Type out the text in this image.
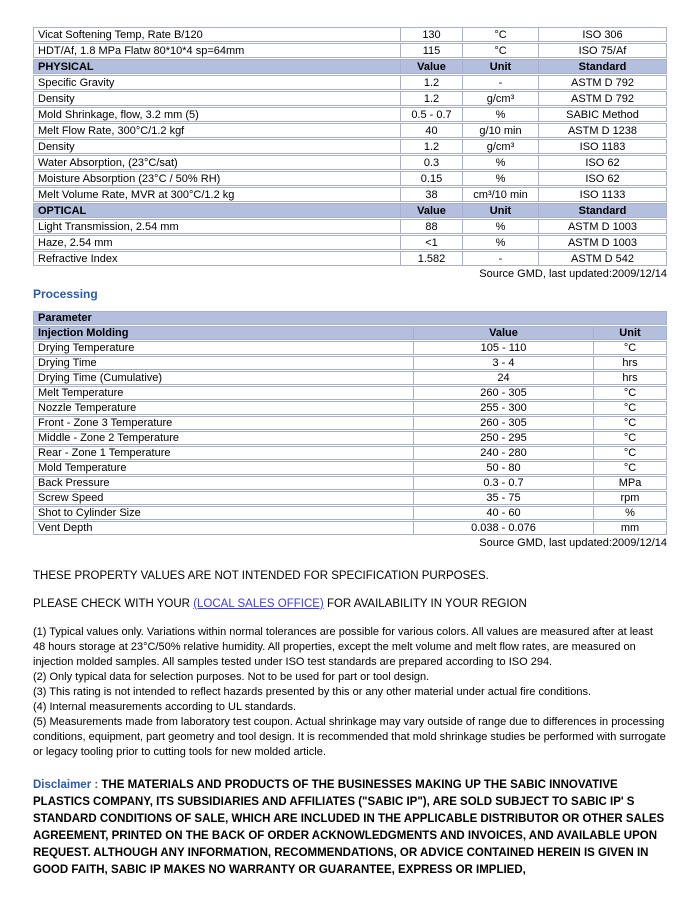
Vicat Softening Temp, Rate B/120	130	°C	ISO 306
HDT/Af, 1.8 MPa Flatw 80*10*4 sp=64mm	115	°C	ISO 75/Af
PHYSICAL	Value	Unit	Standard
Specific Gravity	1.2	-	ASTM D 792
Density	1.2	g/cm³	ASTM D 792
Mold Shrinkage, flow, 3.2 mm (5)	0.5 - 0.7	%	SABIC Method
Melt Flow Rate, 300°C/1.2 kgf	40	g/10 min	ASTM D 1238
Density	1.2	g/cm³	ISO 1183
Water Absorption, (23°C/sat)	0.3	%	ISO 62
Moisture Absorption (23°C / 50% RH)	0.15	%	ISO 62
Melt Volume Rate, MVR at 300°C/1.2 kg	38	cm³/10 min	ISO 1133
OPTICAL	Value	Unit	Standard
Light Transmission, 2.54 mm	88	%	ASTM D 1003
Haze, 2.54 mm	<1	%	ASTM D 1003
Refractive Index	1.582	-	ASTM D 542
Source GMD, last updated:2009/12/14
Processing
Parameter
Injection Molding	Value	Unit
Drying Temperature	105 - 110	°C
Drying Time	3 - 4	hrs
Drying Time (Cumulative)	24	hrs
Melt Temperature	260 - 305	°C
Nozzle Temperature	255 - 300	°C
Front - Zone 3 Temperature	260 - 305	°C
Middle - Zone 2 Temperature	250 - 295	°C
Rear - Zone 1 Temperature	240 - 280	°C
Mold Temperature	50 - 80	°C
Back Pressure	0.3 - 0.7	MPa
Screw Speed	35 - 75	rpm
Shot to Cylinder Size	40 - 60	%
Vent Depth	0.038 - 0.076	mm
Source GMD, last updated:2009/12/14

THESE PROPERTY VALUES ARE NOT INTENDED FOR SPECIFICATION PURPOSES.

PLEASE CHECK WITH YOUR (LOCAL SALES OFFICE) FOR AVAILABILITY IN YOUR REGION

(1) Typical values only. Variations within normal tolerances are possible for various colors. All values are measured after at least 48 hours storage at 23°C/50% relative humidity. All properties, except the melt volume and melt flow rates, are measured on injection molded samples. All samples tested under ISO test standards are prepared according to ISO 294.
(2) Only typical data for selection purposes. Not to be used for part or tool design.
(3) This rating is not intended to reflect hazards presented by this or any other material under actual fire conditions.
(4) Internal measurements according to UL standards.
(5) Measurements made from laboratory test coupon. Actual shrinkage may vary outside of range due to differences in processing conditions, equipment, part geometry and tool design. It is recommended that mold shrinkage studies be performed with surrogate or legacy tooling prior to cutting tools for new molded article.

Disclaimer : THE MATERIALS AND PRODUCTS OF THE BUSINESSES MAKING UP THE SABIC INNOVATIVE PLASTICS COMPANY, ITS SUBSIDIARIES AND AFFILIATES ("SABIC IP"), ARE SOLD SUBJECT TO SABIC IP' S STANDARD CONDITIONS OF SALE, WHICH ARE INCLUDED IN THE APPLICABLE DISTRIBUTOR OR OTHER SALES AGREEMENT, PRINTED ON THE BACK OF ORDER ACKNOWLEDGMENTS AND INVOICES, AND AVAILABLE UPON REQUEST. ALTHOUGH ANY INFORMATION, RECOMMENDATIONS, OR ADVICE CONTAINED HEREIN IS GIVEN IN GOOD FAITH, SABIC IP MAKES NO WARRANTY OR GUARANTEE, EXPRESS OR IMPLIED,
